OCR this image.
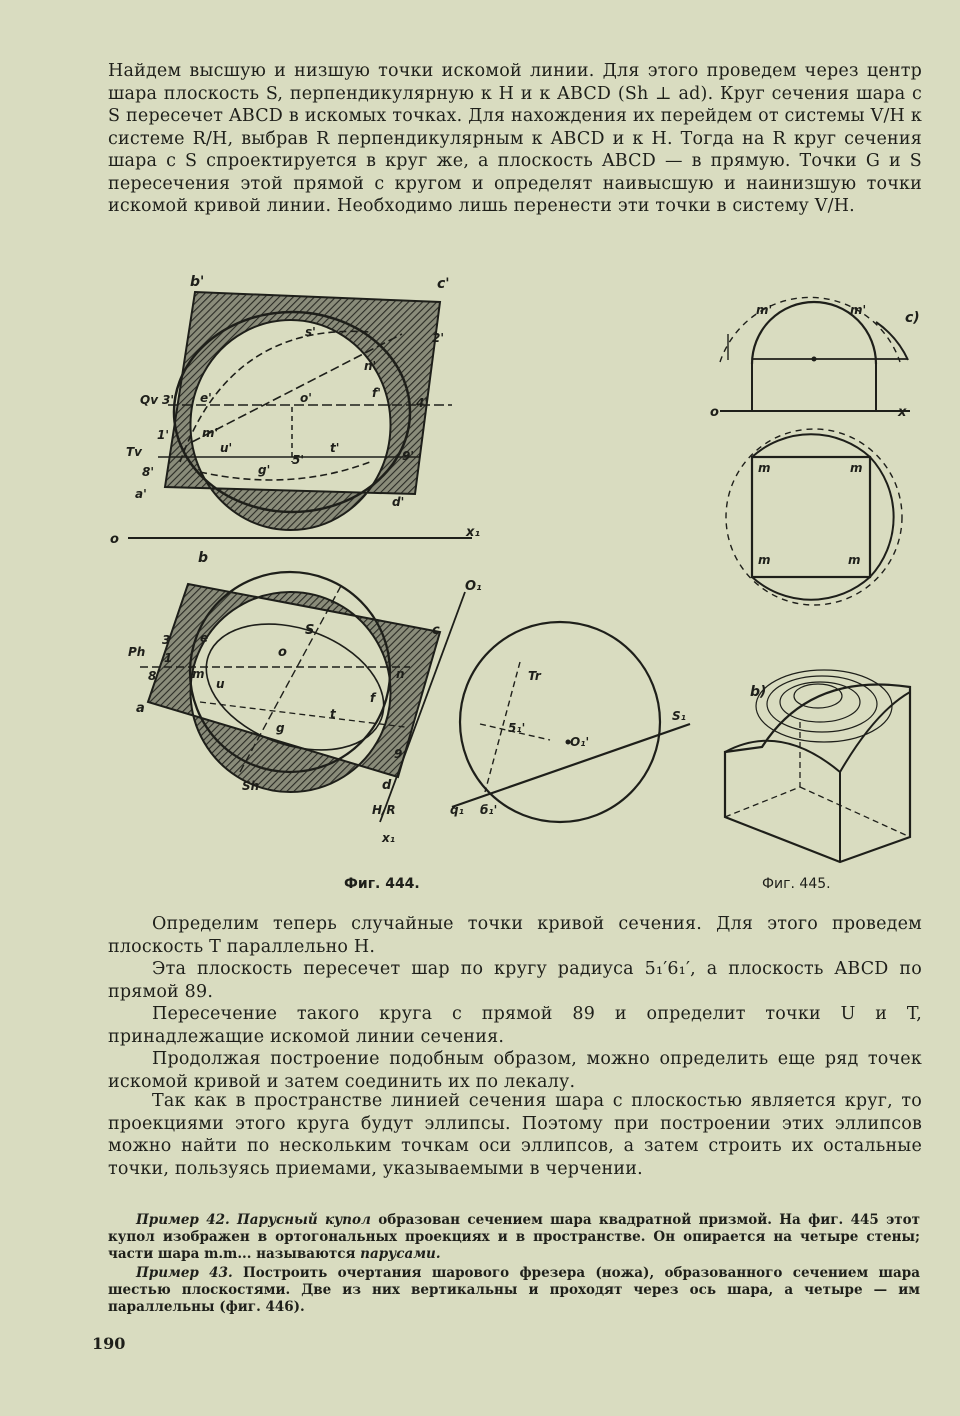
Найдем высшую и низшую точки искомой линии. Для этого проведем через центр шара плоскость S, перпендикулярную к H и к ABCD (Sh ⊥ ad). Круг сечения шара с S пересечет ABCD в искомых точках. Для нахождения их перейдем от системы V/H к системе R/H, выбрав R перпендикулярным к ABCD и к H. Тогда на R круг сечения шара с S спроектируется в круг же, а плоскость ABCD — в прямую. Точки G и S пересечения этой прямой с кругом и определят наивысшую и наинизшую точки искомой кривой линии. Необходимо лишь перенести эти точки в систему V/H.

b'	c'
s'	2'
n'
Qv 3' e'	o'	f'
4'
1'	m'
Tv	u'
5'
t'
9'
8'	g'
a'
d'
o	x₁
b
O₁
c
3 e	S
Ph 1	o
8	m
u
a
n
t
g
f
9
Sh	d
H/R
x₁
Tr
5₁'
O₁'
S₁
q₁ б₁'
m'	m'	c)
o	x
m	m
m	m
b)
Фиг. 444.	Фиг. 445.

Определим теперь случайные точки кривой сечения. Для этого проведем плоскость T параллельно H.

Эта плоскость пересечет шар по кругу радиуса 5₁′6₁′, а плоскость ABCD по прямой 89.

Пересечение такого круга с прямой 89 и определит точки U и T, принадлежащие искомой линии сечения.

Продолжая построение подобным образом, можно определить еще ряд точек искомой кривой и затем соединить их по лекалу.

Так как в пространстве линией сечения шара с плоскостью является круг, то проекциями этого круга будут эллипсы. Поэтому при построении этих эллипсов можно найти по нескольким точкам оси эллипсов, а затем строить их остальные точки, пользуясь приемами, указываемыми в черчении.

Пример 42. Парусный купол образован сечением шара квадратной призмой. На фиг. 445 этот купол изображен в ортогональных проекциях и в пространстве. Он опирается на четыре стены; части шара m.m... называются парусами.

Пример 43. Построить очертания шарового фрезера (ножа), образованного сечением шара шестью плоскостями. Две из них вертикальны и проходят через ось шара, а четыре — им параллельны (фиг. 446).

190
